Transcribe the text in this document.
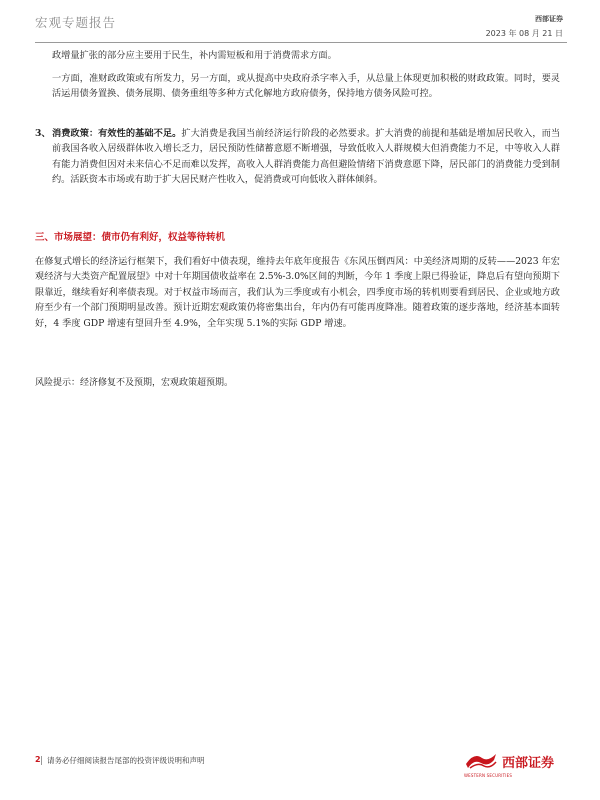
宏观专题报告	西部证券
2023 年 08 月 21 日
政增量扩张的部分应主要用于民生，补内需短板和用于消费需求方面。
一方面，准财政政策或有所发力，另一方面，或从提高中央政府杀字率入手，从总量上体现更加积极的财政政策。同时，要灵活运用债务置换、债务展期、债务重组等多种方式化解地方政府债务，保持地方债务风险可控。
3、 消费政策：有效性的基础不足。扩大消费是我国当前经济运行阶段的必然要求。扩大消费的前提和基础是增加居民收入，而当前我国各收入居级群体收入增长乏力，居民预防性储蓄意愿不断增强，导致低收入人群规模大但消费能力不足，中等收入人群有能力消费但因对未来信心不足而难以发挥，高收入人群消费能力高但避险情绪下消费意愿下降，居民部门的消费能力受到制约。活跃资本市场或有助于扩大居民财产性收入，促消费或可向低收入群体倾斜。
三、市场展望：债市仍有利好，权益等待转机
在修复式增长的经济运行框架下，我们看好中债表现，维持去年底年度报告《东风压倒西风：中美经济周期的反转——2023 年宏观经济与大类资产配置展望》中对十年期国债收益率在 2.5%-3.0%区间的判断，今年 1 季度上限已得验证，降息后有望向预期下限靠近，继续看好利率债表现。对于权益市场而言，我们认为三季度或有小机会，四季度市场的转机则要看到居民、企业或地方政府至少有一个部门预期明显改善。预计近期宏观政策仍将密集出台，年内仍有可能再度降准。随着政策的逐步落地，经济基本面转好，4 季度 GDP 增速有望回升至 4.9%，全年实现 5.1%的实际 GDP 增速。
风险提示：经济修复不及预期，宏观政策超预期。
2 请务必仔细阅读报告尾部的投资评级说明和声明
WESTERN SECURITIES
西部证券
